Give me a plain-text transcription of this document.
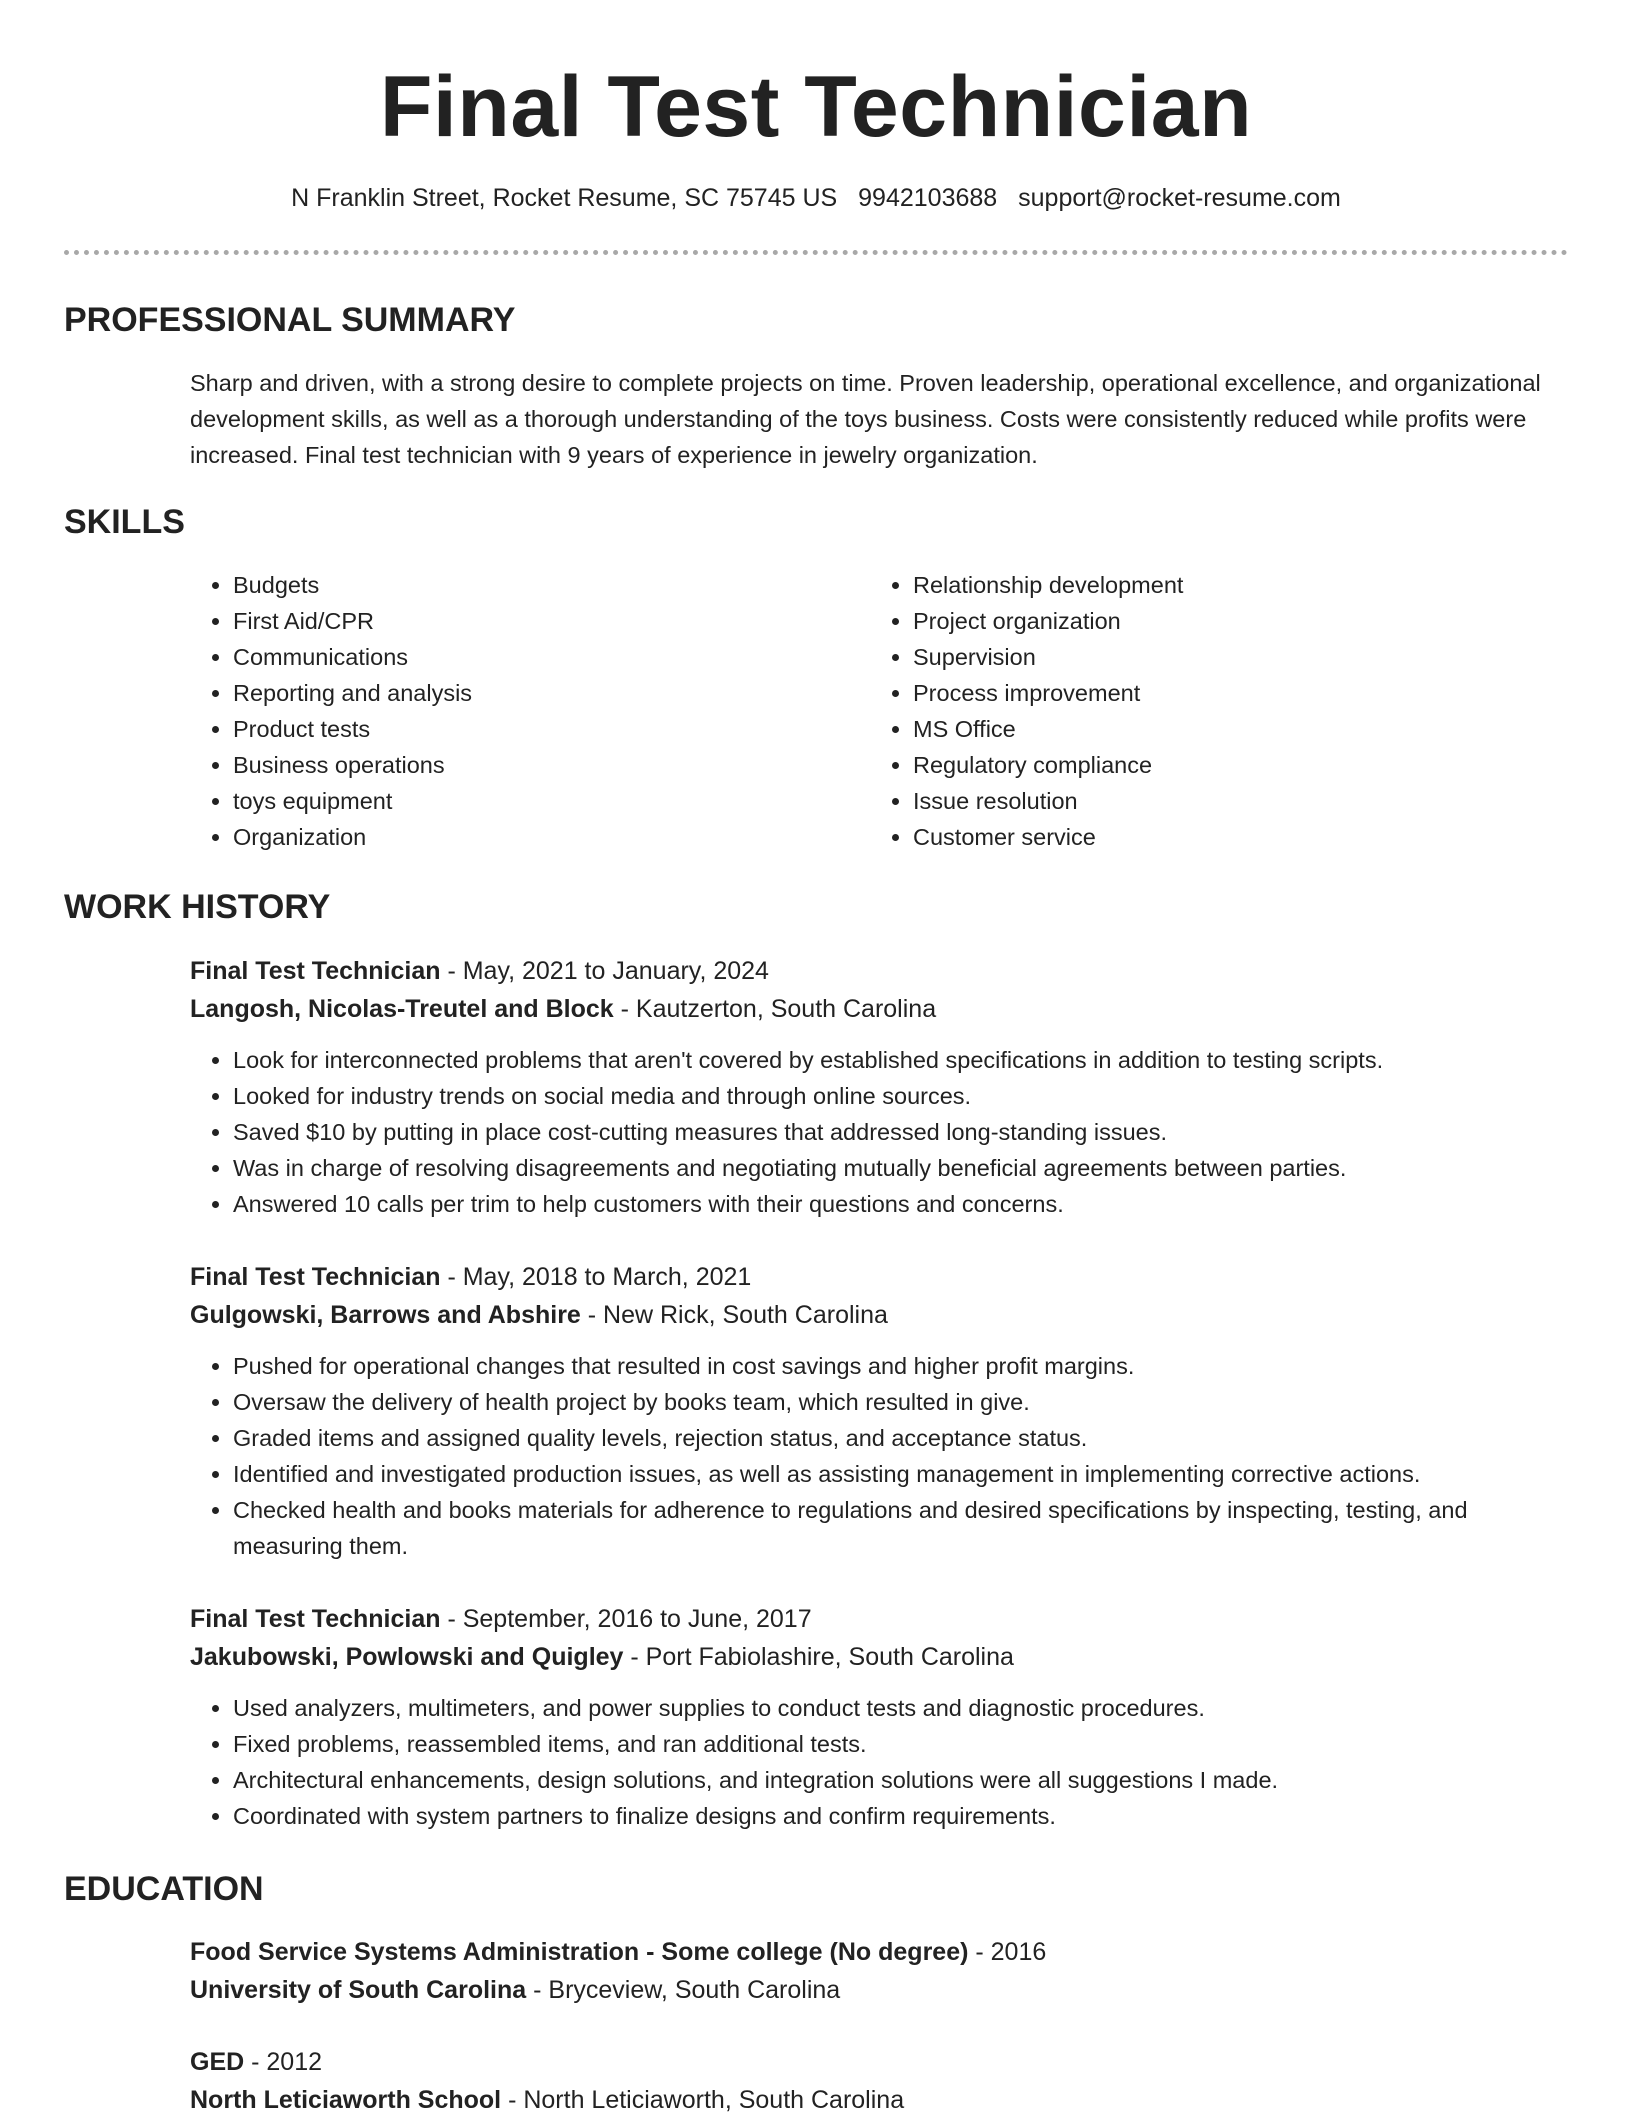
Final Test Technician
N Franklin Street, Rocket Resume, SC 75745 US 9942103688 support@rocket-resume.com
PROFESSIONAL SUMMARY
Sharp and driven, with a strong desire to complete projects on time. Proven leadership, operational excellence, and organizational development skills, as well as a thorough understanding of the toys business. Costs were consistently reduced while profits were increased. Final test technician with 9 years of experience in jewelry organization.
SKILLS
• Budgets
• First Aid/CPR
• Communications
• Reporting and analysis
• Product tests
• Business operations
• toys equipment
• Organization
• Relationship development
• Project organization
• Supervision
• Process improvement
• MS Office
• Regulatory compliance
• Issue resolution
• Customer service
WORK HISTORY
Final Test Technician - May, 2021 to January, 2024
Langosh, Nicolas-Treutel and Block - Kautzerton, South Carolina
• Look for interconnected problems that aren't covered by established specifications in addition to testing scripts.
• Looked for industry trends on social media and through online sources.
• Saved $10 by putting in place cost-cutting measures that addressed long-standing issues.
• Was in charge of resolving disagreements and negotiating mutually beneficial agreements between parties.
• Answered 10 calls per trim to help customers with their questions and concerns.
Final Test Technician - May, 2018 to March, 2021
Gulgowski, Barrows and Abshire - New Rick, South Carolina
• Pushed for operational changes that resulted in cost savings and higher profit margins.
• Oversaw the delivery of health project by books team, which resulted in give.
• Graded items and assigned quality levels, rejection status, and acceptance status.
• Identified and investigated production issues, as well as assisting management in implementing corrective actions.
• Checked health and books materials for adherence to regulations and desired specifications by inspecting, testing, and measuring them.
Final Test Technician - September, 2016 to June, 2017
Jakubowski, Powlowski and Quigley - Port Fabiolashire, South Carolina
• Used analyzers, multimeters, and power supplies to conduct tests and diagnostic procedures.
• Fixed problems, reassembled items, and ran additional tests.
• Architectural enhancements, design solutions, and integration solutions were all suggestions I made.
• Coordinated with system partners to finalize designs and confirm requirements.
EDUCATION
Food Service Systems Administration - Some college (No degree) - 2016
University of South Carolina - Bryceview, South Carolina
GED - 2012
North Leticiaworth School - North Leticiaworth, South Carolina
